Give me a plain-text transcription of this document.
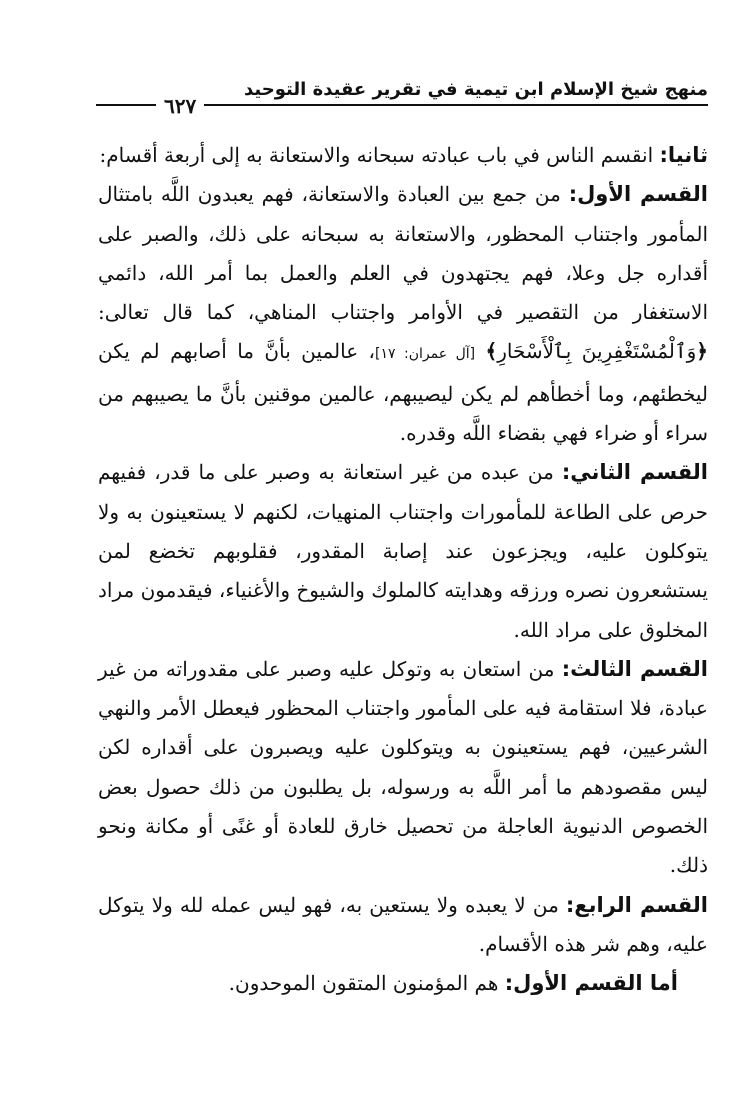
منهج شيخ الإسلام ابن تيمية في تقرير عقيدة التوحيد
٦٢٧

ثانيا: انقسم الناس في باب عبادته سبحانه والاستعانة به إلى أربعة أقسام:

القسم الأول: من جمع بين العبادة والاستعانة، فهم يعبدون اللَّه بامتثال المأمور واجتناب المحظور، والاستعانة به سبحانه على ذلك، والصبر على أقداره جل وعلا، فهم يجتهدون في العلم والعمل بما أمر الله، دائمي الاستغفار من التقصير في الأوامر واجتناب المناهي، كما قال تعالى: ﴿وَٱلْمُسْتَغْفِرِينَ بِٱلْأَسْحَارِ﴾ [آل عمران: ١٧]، عالمين بأنَّ ما أصابهم لم يكن ليخطئهم، وما أخطأهم لم يكن ليصيبهم، عالمين موقنين بأنَّ ما يصيبهم من سراء أو ضراء فهي بقضاء اللَّه وقدره.

القسم الثاني: من عبده من غير استعانة به وصبر على ما قدر، ففيهم حرص على الطاعة للمأمورات واجتناب المنهيات، لكنهم لا يستعينون به ولا يتوكلون عليه، ويجزعون عند إصابة المقدور، فقلوبهم تخضع لمن يستشعرون نصره ورزقه وهدايته كالملوك والشيوخ والأغنياء، فيقدمون مراد المخلوق على مراد الله.

القسم الثالث: من استعان به وتوكل عليه وصبر على مقدوراته من غير عبادة، فلا استقامة فيه على المأمور واجتناب المحظور فيعطل الأمر والنهي الشرعيين، فهم يستعينون به ويتوكلون عليه ويصبرون على أقداره لكن ليس مقصودهم ما أمر اللَّه به ورسوله، بل يطلبون من ذلك حصول بعض الخصوص الدنيوية العاجلة من تحصيل خارق للعادة أو غنًى أو مكانة ونحو ذلك.

القسم الرابع: من لا يعبده ولا يستعين به، فهو ليس عمله لله ولا يتوكل عليه، وهم شر هذه الأقسام.

أما القسم الأول: هم المؤمنون المتقون الموحدون.
